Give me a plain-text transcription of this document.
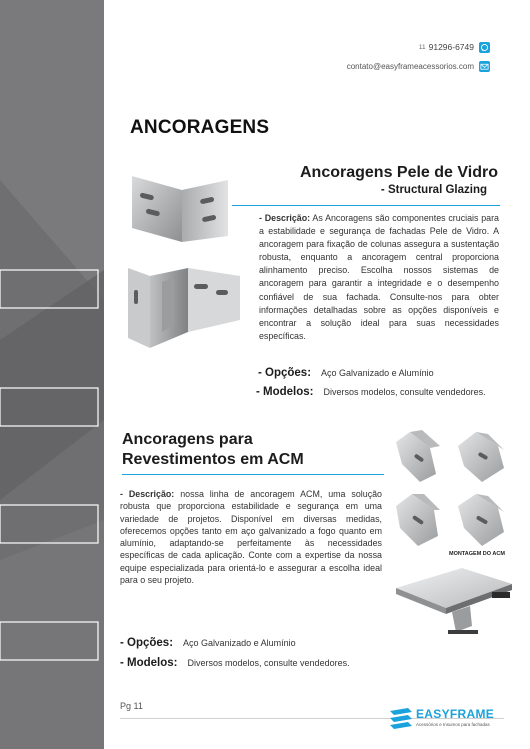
11 91296-6749
contato@easyframeacessorios.com
ANCORAGENS
Ancoragens Pele de Vidro
- Structural Glazing
- Descrição: As Ancoragens são componentes cruciais para a estabilidade e segurança de fachadas Pele de Vidro. A ancoragem para fixação de colunas assegura a sustentação robusta, enquanto a ancoragem central proporciona alinhamento preciso. Escolha nossos sistemas de ancoragem para garantir a integridade e o desempenho confiável de sua fachada. Consulte-nos para obter informações detalhadas sobre as opções disponíveis e encontrar a solução ideal para suas necessidades específicas.
- Opções: Aço Galvanizado e Alumínio
- Modelos: Diversos modelos, consulte vendedores.
Ancoragens para
Revestimentos em ACM
- Descrição: nossa linha de ancoragem ACM, uma solução robusta que proporciona estabilidade e segurança em uma variedade de projetos. Disponível em diversas medidas, oferecemos opções tanto em aço galvanizado a fogo quanto em alumínio, adaptando-se perfeitamente às necessidades específicas de cada aplicação. Conte com a expertise da nossa equipe especializada para orientá-lo e assegurar a escolha ideal para o seu projeto.
- Opções: Aço Galvanizado e Alumínio
- Modelos: Diversos modelos, consulte vendedores.
MONTAGEM DO ACM
Pg 11
EASYFRAME
Acessórios e Insumos para fachadas
